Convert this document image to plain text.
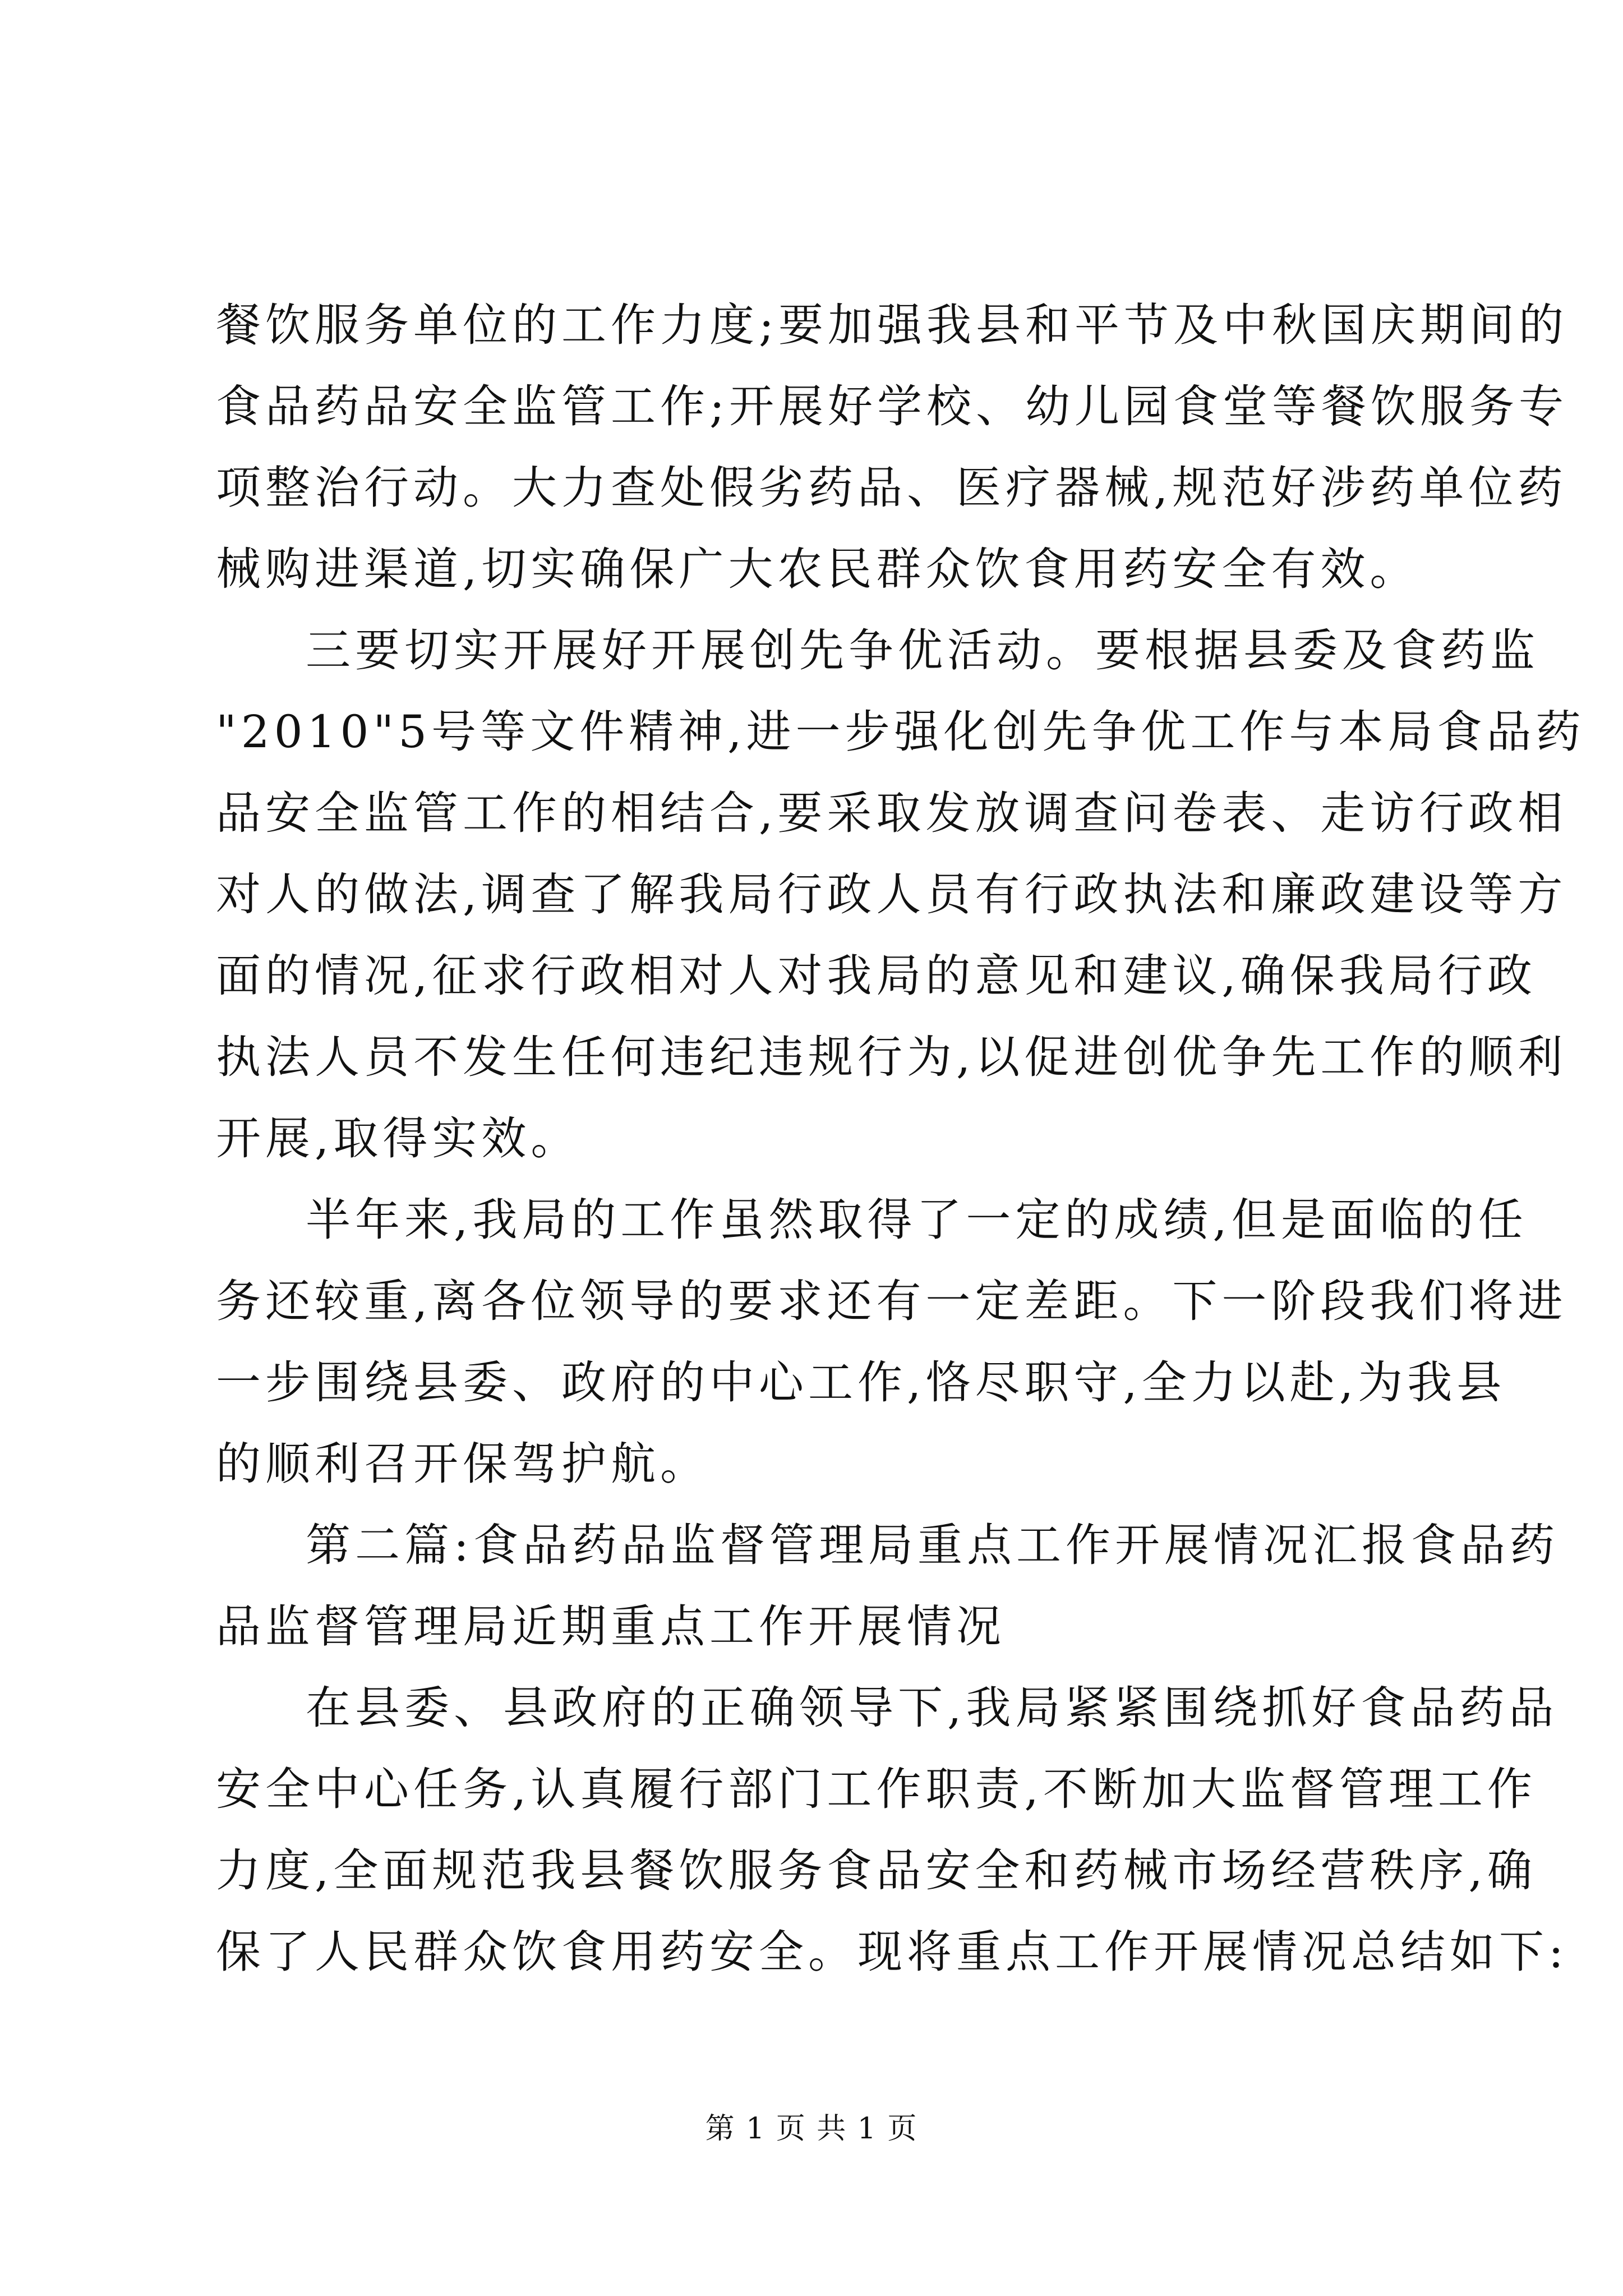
餐饮服务单位的工作力度;要加强我县和平节及中秋国庆期间的
食品药品安全监管工作;开展好学校、幼儿园食堂等餐饮服务专
项整治行动。大力查处假劣药品、医疗器械,规范好涉药单位药
械购进渠道,切实确保广大农民群众饮食用药安全有效。
三要切实开展好开展创先争优活动。要根据县委及食药监
"2010"5号等文件精神,进一步强化创先争优工作与本局食品药
品安全监管工作的相结合,要采取发放调查问卷表、走访行政相
对人的做法,调查了解我局行政人员有行政执法和廉政建设等方
面的情况,征求行政相对人对我局的意见和建议,确保我局行政
执法人员不发生任何违纪违规行为,以促进创优争先工作的顺利
开展,取得实效。
半年来,我局的工作虽然取得了一定的成绩,但是面临的任
务还较重,离各位领导的要求还有一定差距。下一阶段我们将进
一步围绕县委、政府的中心工作,恪尽职守,全力以赴,为我县
的顺利召开保驾护航。
第二篇:食品药品监督管理局重点工作开展情况汇报食品药
品监督管理局近期重点工作开展情况
在县委、县政府的正确领导下,我局紧紧围绕抓好食品药品
安全中心任务,认真履行部门工作职责,不断加大监督管理工作
力度,全面规范我县餐饮服务食品安全和药械市场经营秩序,确
保了人民群众饮食用药安全。现将重点工作开展情况总结如下:
第 1 页 共 1 页
